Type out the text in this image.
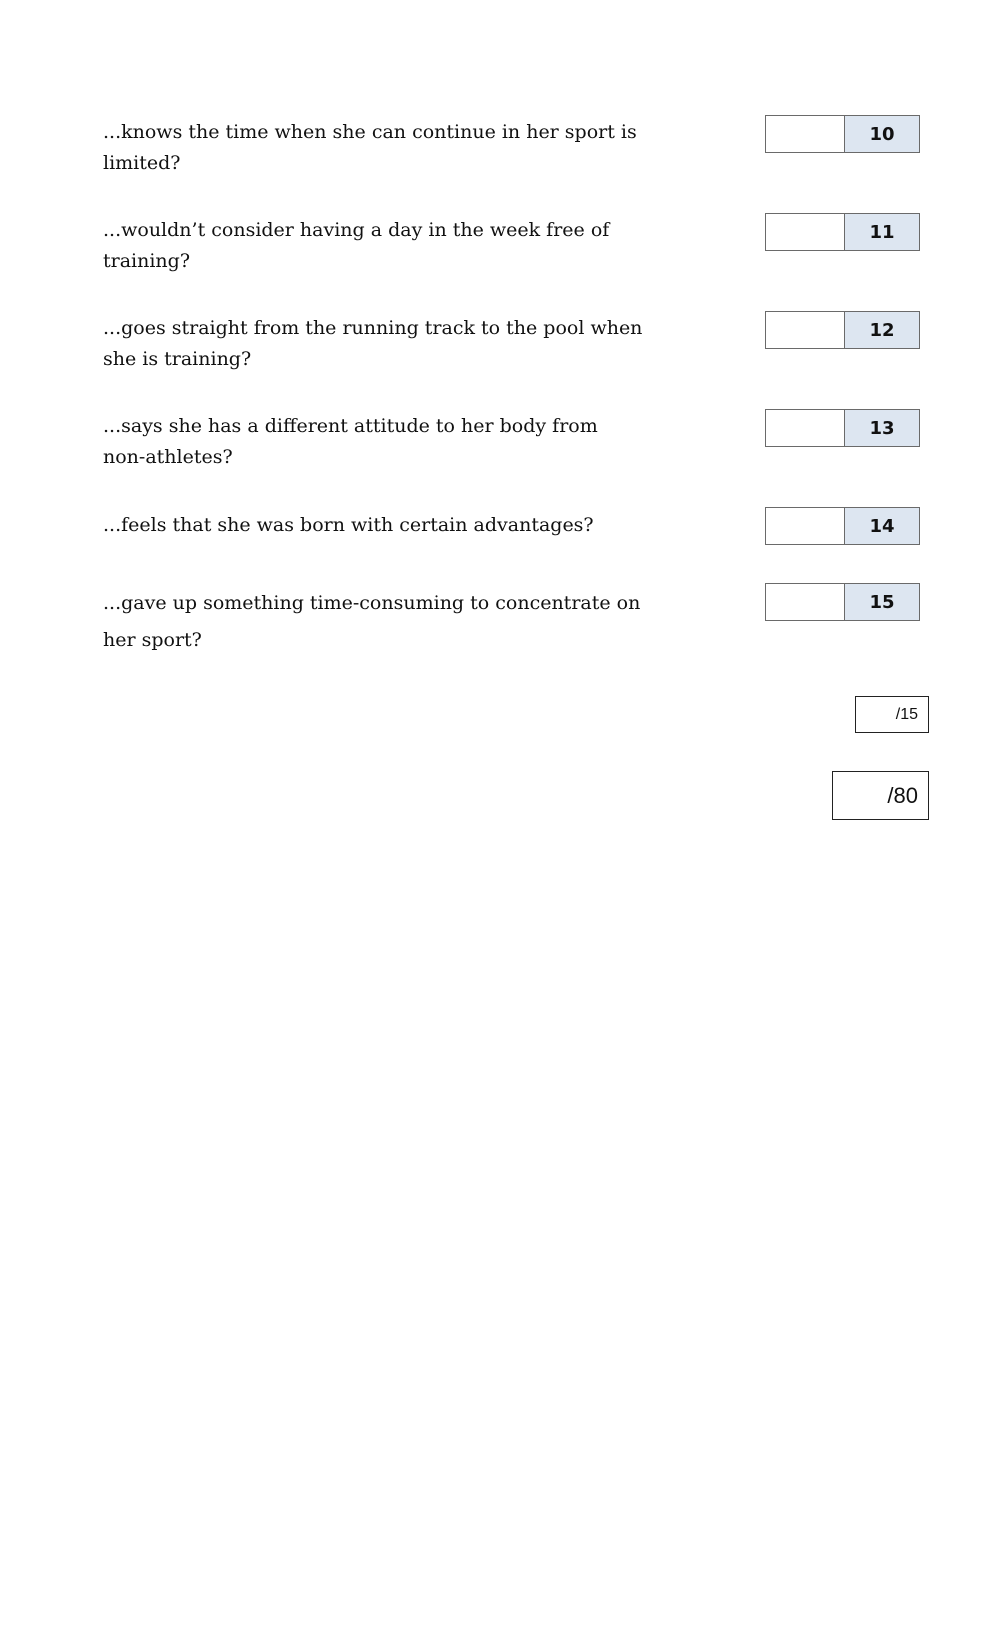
...knows the time when she can continue in her sport is limited?

10

...wouldn’t consider having a day in the week free of training?

11

...goes straight from the running track to the pool when she is training?

12

...says she has a different attitude to her body from non-athletes?

13

...feels that she was born with certain advantages?	14

...gave up something time-consuming to concentrate on her sport?

15
/15
/80
